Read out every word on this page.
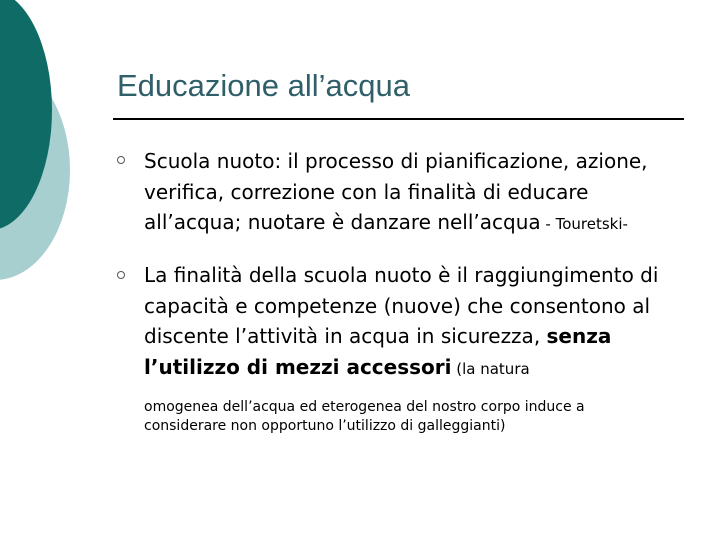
Educazione all’acqua
Scuola nuoto: il processo di pianificazione, azione, verifica, correzione con la finalità di educare all’acqua; nuotare è danzare nell’acqua - Touretski-
La finalità della scuola nuoto è il raggiungimento di capacità e competenze (nuove) che consentono al discente l’attività in acqua in sicurezza, senza l’utilizzo di mezzi accessori (la natura
omogenea dell’acqua ed eterogenea del nostro corpo induce a considerare non opportuno l’utilizzo di galleggianti)
